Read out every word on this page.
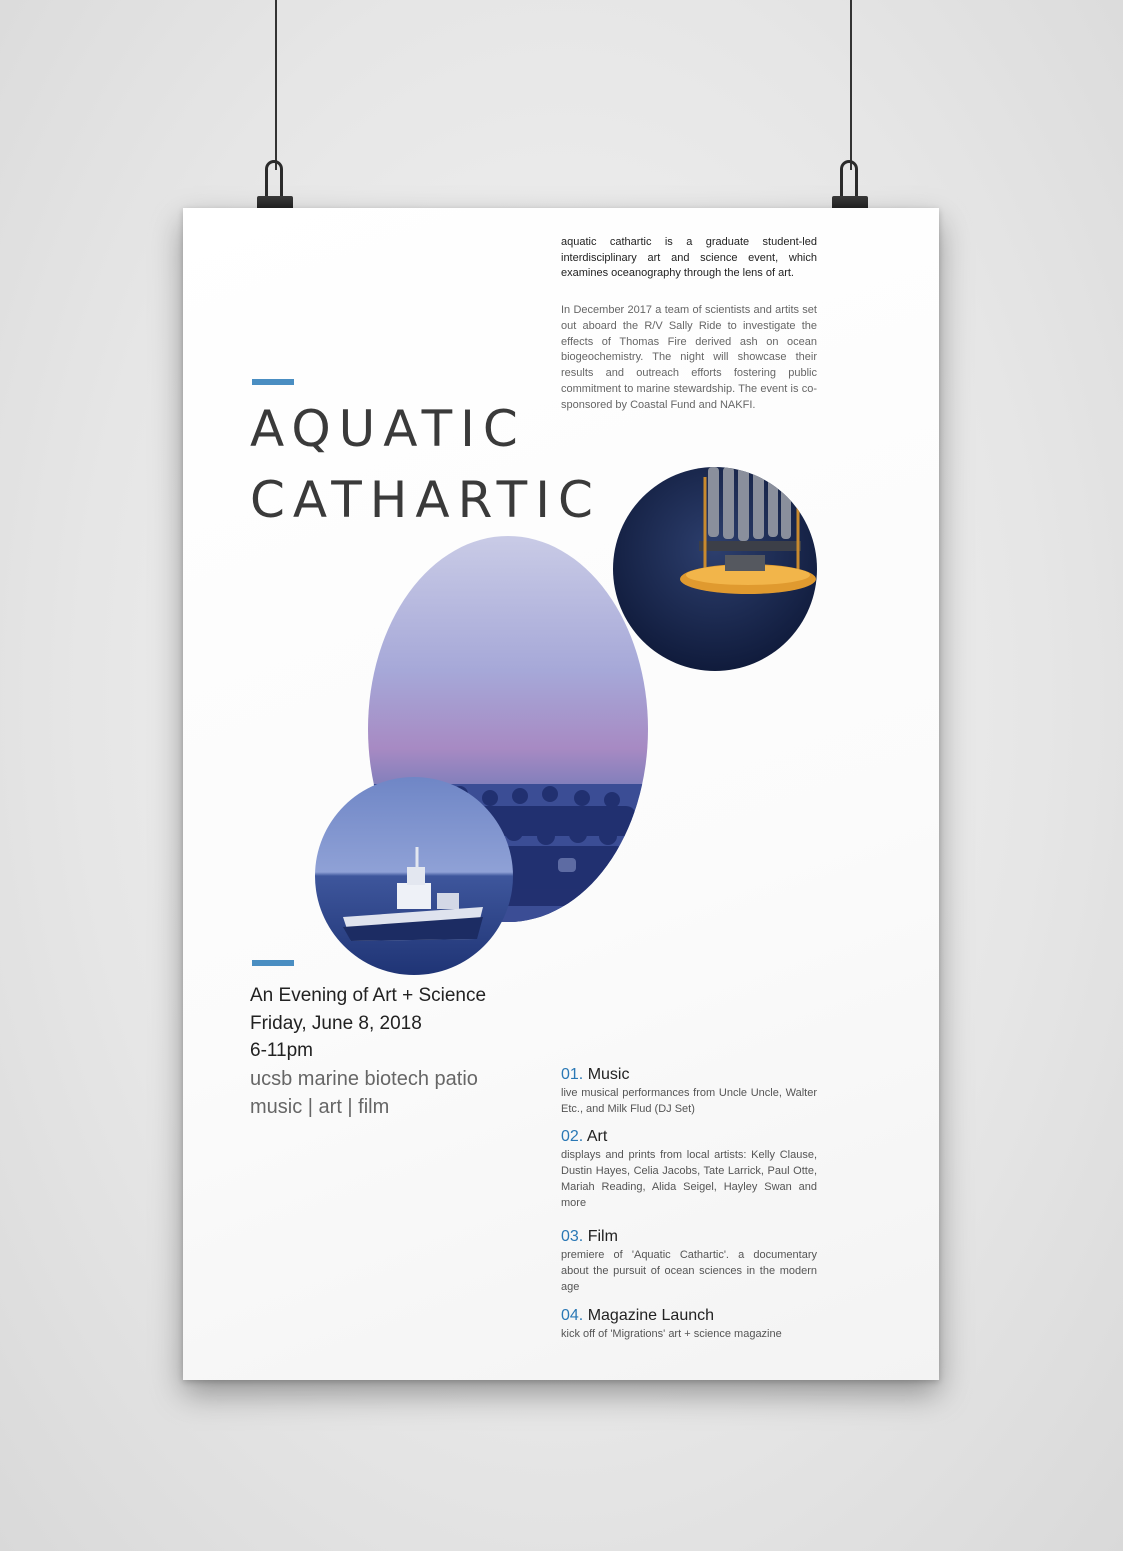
aquatic cathartic is a graduate student-led interdisciplinary art and science event, which examines oceanography through the lens of art.

In December 2017 a team of scientists and artits set out aboard the R/V Sally Ride to investigate the effects of Thomas Fire derived ash on ocean biogeochemistry. The night will showcase their results and outreach efforts fostering public commitment to marine stewardship. The event is co-sponsored by Coastal Fund and NAKFI.

AQUATIC
CATHARTIC

An Evening of Art + Science

Friday, June 8, 2018

6-11pm

ucsb marine biotech patio

music | art | film

01. Music

live musical performances from Uncle Uncle, Walter Etc., and Milk Flud (DJ Set)

02. Art

displays and prints from local artists: Kelly Clause, Dustin Hayes, Celia Jacobs, Tate Larrick, Paul Otte, Mariah Reading, Alida Seigel, Hayley Swan and more

03. Film

premiere of 'Aquatic Cathartic'. a documentary about the pursuit of ocean sciences in the modern age

04. Magazine Launch

kick off of 'Migrations' art + science magazine
